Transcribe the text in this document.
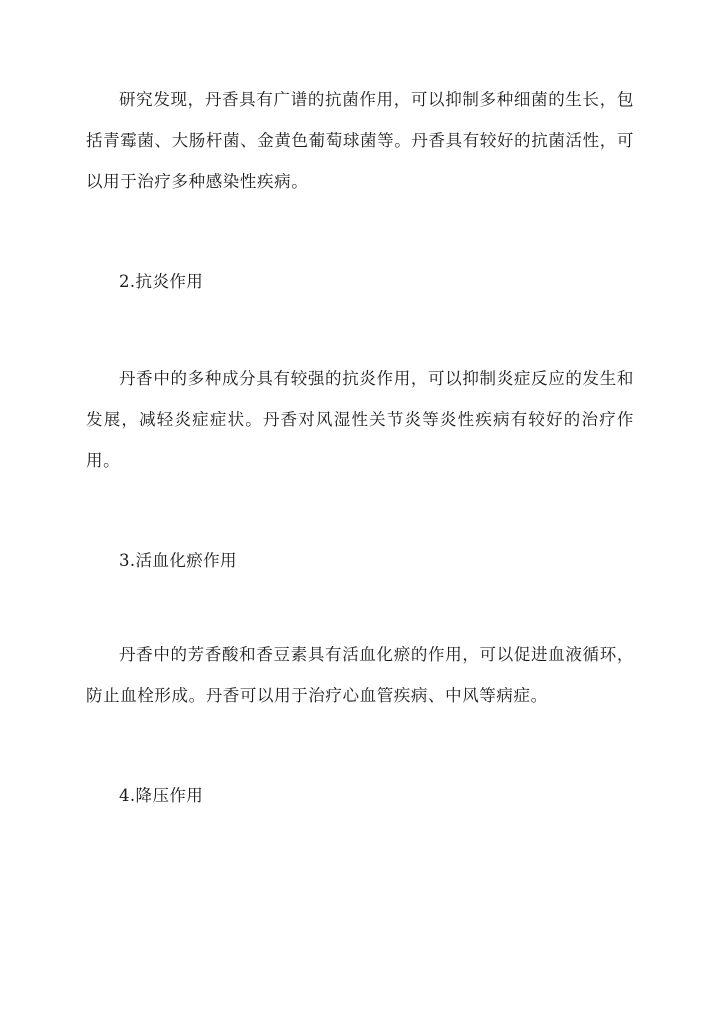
研究发现，丹香具有广谱的抗菌作用，可以抑制多种细菌的生长，包括青霉菌、大肠杆菌、金黄色葡萄球菌等。丹香具有较好的抗菌活性，可以用于治疗多种感染性疾病。

2.抗炎作用

丹香中的多种成分具有较强的抗炎作用，可以抑制炎症反应的发生和发展，减轻炎症症状。丹香对风湿性关节炎等炎性疾病有较好的治疗作用。

3.活血化瘀作用

丹香中的芳香酸和香豆素具有活血化瘀的作用，可以促进血液循环，防止血栓形成。丹香可以用于治疗心血管疾病、中风等病症。

4.降压作用
